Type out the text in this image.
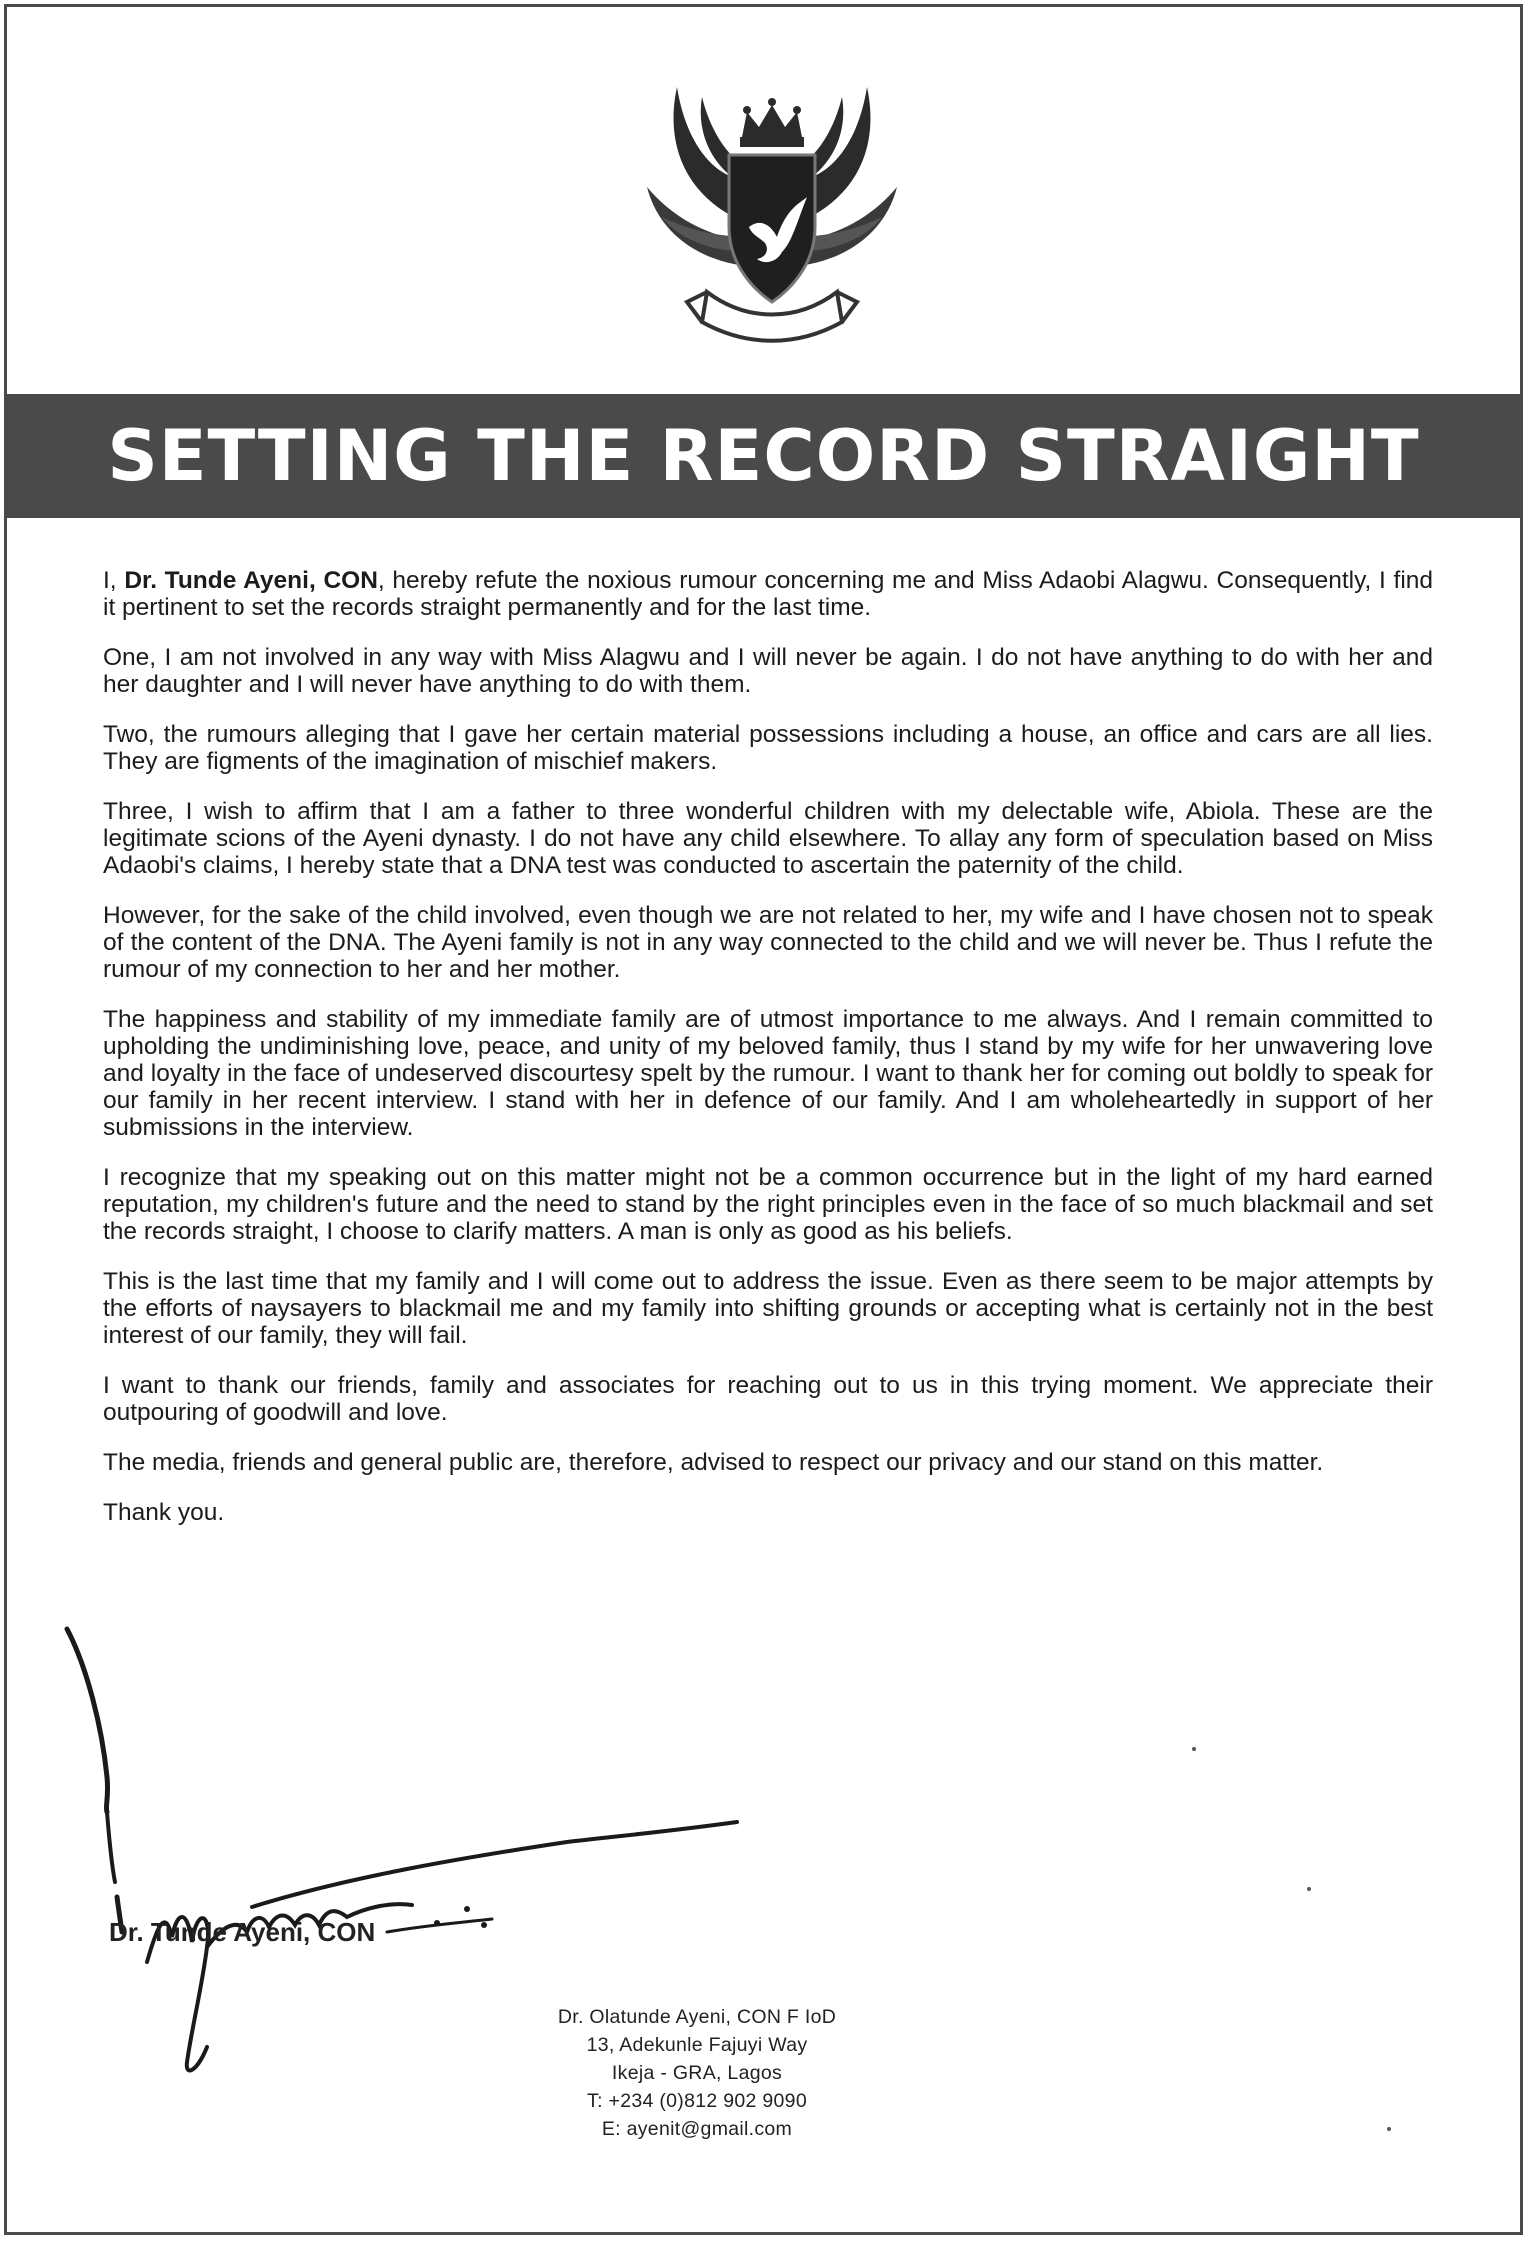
SETTING THE RECORD STRAIGHT

I, Dr. Tunde Ayeni, CON, hereby refute the noxious rumour concerning me and Miss Adaobi Alagwu. Consequently, I find it pertinent to set the records straight permanently and for the last time.

One, I am not involved in any way with Miss Alagwu and I will never be again. I do not have anything to do with her and her daughter and I will never have anything to do with them.

Two, the rumours alleging that I gave her certain material possessions including a house, an office and cars are all lies. They are figments of the imagination of mischief makers.

Three, I wish to affirm that I am a father to three wonderful children with my delectable wife, Abiola. These are the legitimate scions of the Ayeni dynasty. I do not have any child elsewhere. To allay any form of speculation based on Miss Adaobi's claims, I hereby state that a DNA test was conducted to ascertain the paternity of the child.

However, for the sake of the child involved, even though we are not related to her, my wife and I have chosen not to speak of the content of the DNA. The Ayeni family is not in any way connected to the child and we will never be. Thus I refute the rumour of my connection to her and her mother.

The happiness and stability of my immediate family are of utmost importance to me always. And I remain committed to upholding the undiminishing love, peace, and unity of my beloved family, thus I stand by my wife for her unwavering love and loyalty in the face of undeserved discourtesy spelt by the rumour. I want to thank her for coming out boldly to speak for our family in her recent interview. I stand with her in defence of our family. And I am wholeheartedly in support of her submissions in the interview.

I recognize that my speaking out on this matter might not be a common occurrence but in the light of my hard earned reputation, my children's future and the need to stand by the right principles even in the face of so much blackmail and set the records straight, I choose to clarify matters. A man is only as good as his beliefs.

This is the last time that my family and I will come out to address the issue. Even as there seem to be major attempts by the efforts of naysayers to blackmail me and my family into shifting grounds or accepting what is certainly not in the best interest of our family, they will fail.

I want to thank our friends, family and associates for reaching out to us in this trying moment. We appreciate their outpouring of goodwill and love.

The media, friends and general public are, therefore, advised to respect our privacy and our stand on this matter.

Thank you.

Dr. Tunde Ayeni, CON
Dr. Olatunde Ayeni, CON F IoD
13, Adekunle Fajuyi Way
Ikeja - GRA, Lagos
T: +234 (0)812 902 9090
E: ayenit@gmail.com
